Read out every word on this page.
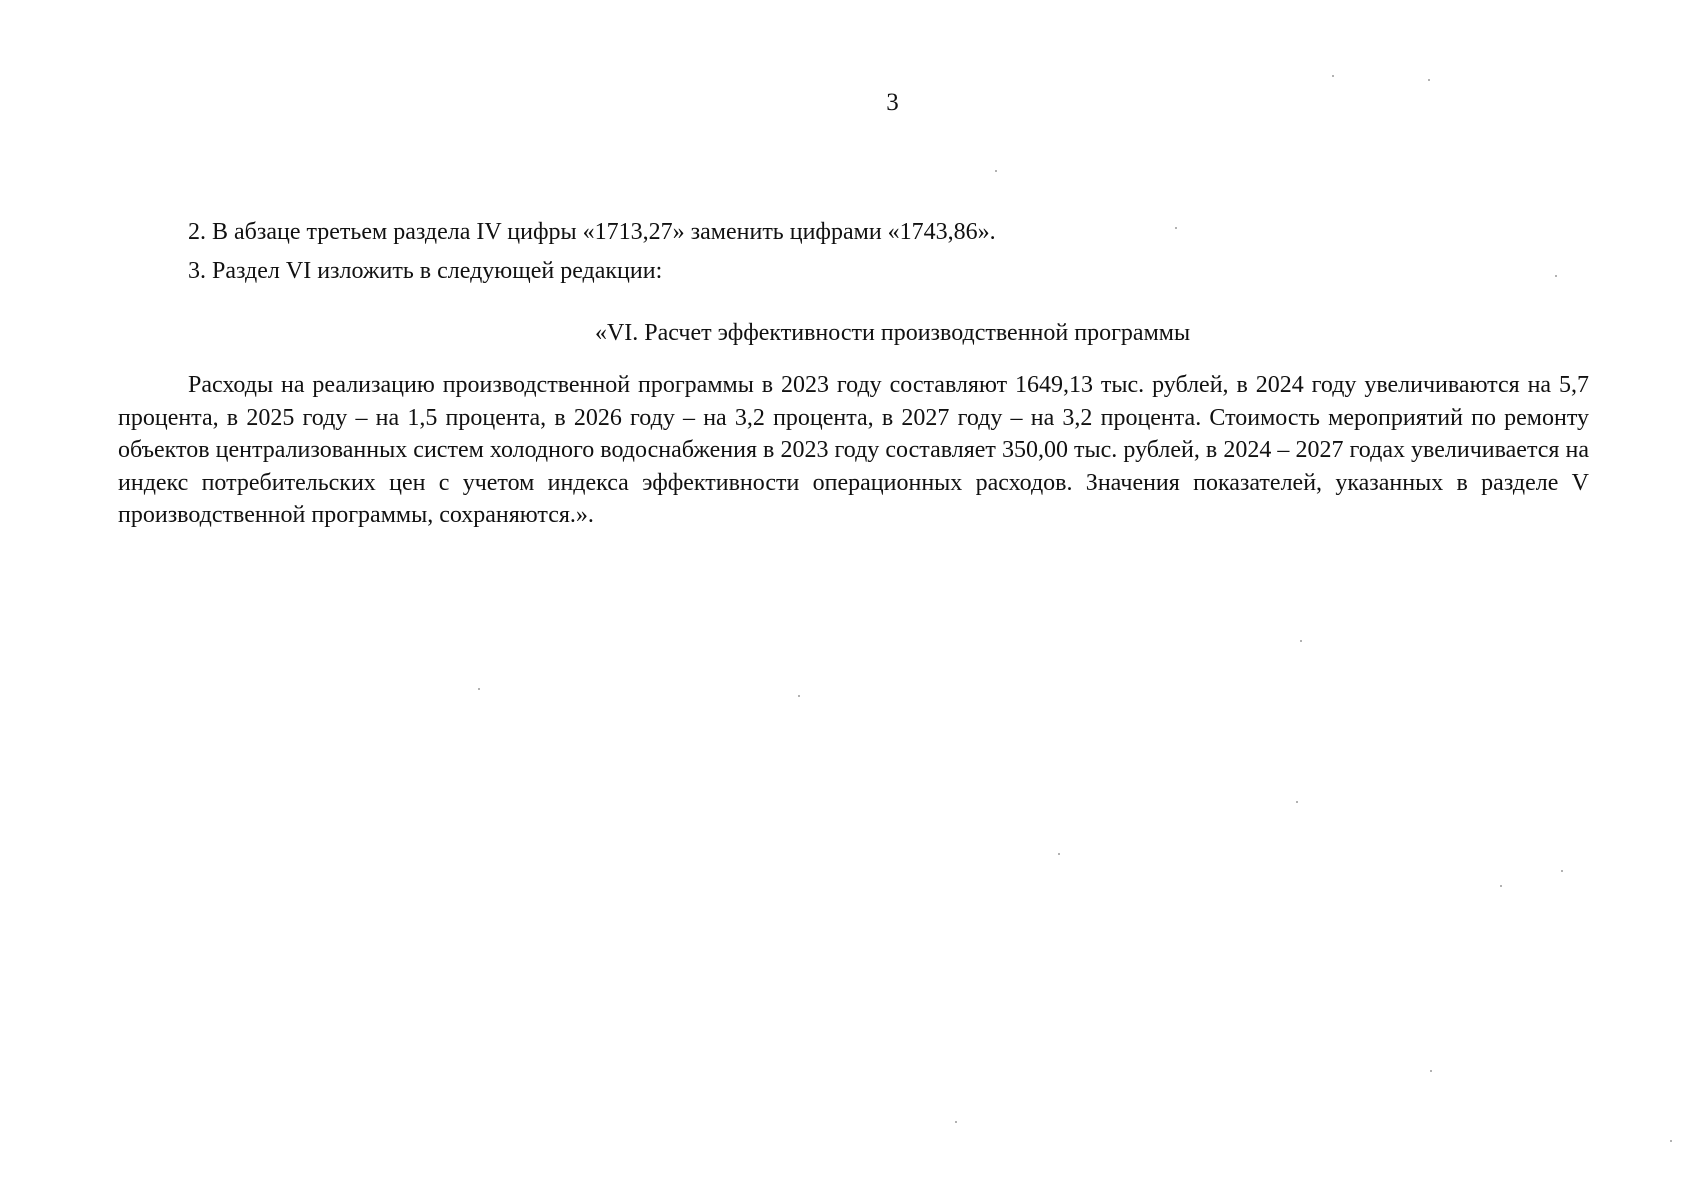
3
2. В абзаце третьем раздела IV цифры «1713,27» заменить цифрами «1743,86».
3. Раздел VI изложить в следующей редакции:
«VI. Расчет эффективности производственной программы

Расходы на реализацию производственной программы в 2023 году составляют 1649,13 тыс. рублей, в 2024 году увеличиваются на 5,7 процента, в 2025 году – на 1,5 процента, в 2026 году – на 3,2 процента, в 2027 году – на 3,2 процента. Стоимость мероприятий по ремонту объектов централизованных систем холодного водоснабжения в 2023 году составляет 350,00 тыс. рублей, в 2024 – 2027 годах увеличивается на индекс потребительских цен с учетом индекса эффективности операционных расходов. Значения показателей, указанных в разделе V производственной программы, сохраняются.».
